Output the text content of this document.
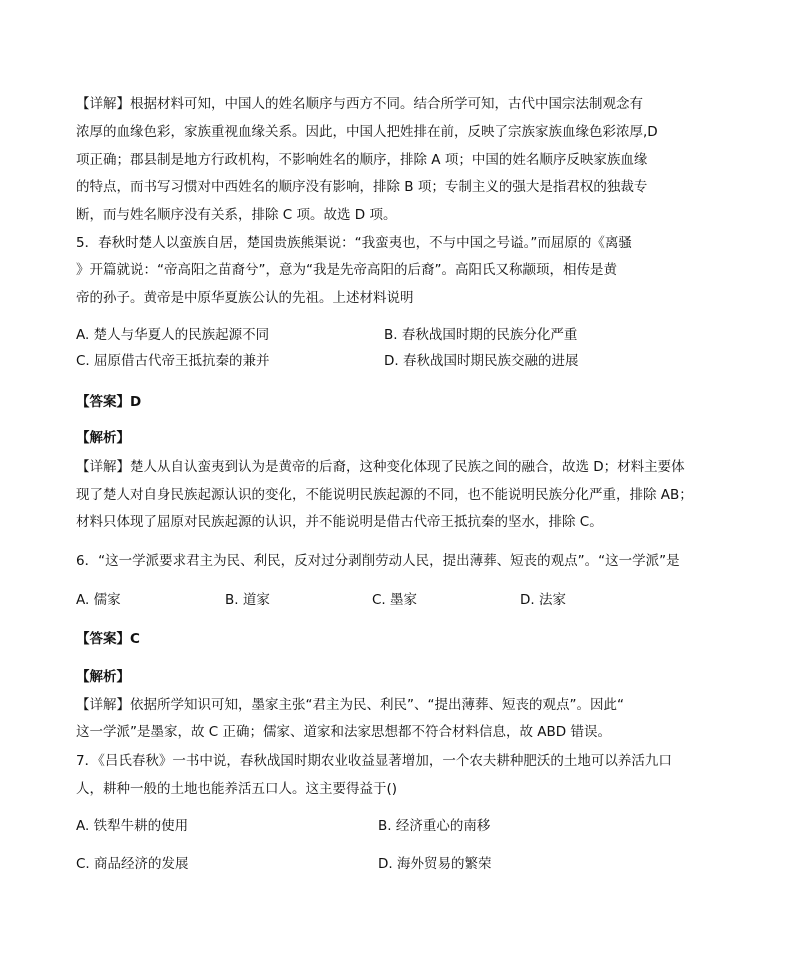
【详解】根据材料可知，中国人的姓名顺序与西方不同。结合所学可知，古代中国宗法制观念有
浓厚的血缘色彩，家族重视血缘关系。因此，中国人把姓排在前，反映了宗族家族血缘色彩浓厚,D
项正确；郡县制是地方行政机构，不影响姓名的顺序，排除 A 项；中国的姓名顺序反映家族血缘
的特点，而书写习惯对中西姓名的顺序没有影响，排除 B 项；专制主义的强大是指君权的独裁专
断，而与姓名顺序没有关系，排除 C 项。故选 D 项。
5．春秋时楚人以蛮族自居，楚国贵族熊渠说：“我蛮夷也，不与中国之号谥。”而屈原的《离骚
》开篇就说：“帝高阳之苗裔兮”，意为“我是先帝高阳的后裔”。高阳氏又称颛顼，相传是黄
帝的孙子。黄帝是中原华夏族公认的先祖。上述材料说明
A. 楚人与华夏人的民族起源不同	B. 春秋战国时期的民族分化严重
C. 屈原借古代帝王抵抗秦的兼并	D. 春秋战国时期民族交融的进展
【答案】D
【解析】
【详解】楚人从自认蛮夷到认为是黄帝的后裔，这种变化体现了民族之间的融合，故选 D；材料主要体
现了楚人对自身民族起源认识的变化，不能说明民族起源的不同，也不能说明民族分化严重，排除 AB；
材料只体现了屈原对民族起源的认识，并不能说明是借古代帝王抵抗秦的坚水，排除 C。
6．“这一学派要求君主为民、利民，反对过分剥削劳动人民，提出薄葬、短丧的观点”。“这一学派”是
A. 儒家	B. 道家	C. 墨家	D. 法家
【答案】C
【解析】
【详解】依据所学知识可知，墨家主张“君主为民、利民”、“提出薄葬、短丧的观点”。因此“
这一学派”是墨家，故 C 正确；儒家、道家和法家思想都不符合材料信息，故 ABD 错误。
7．《吕氏春秋》一书中说，春秋战国时期农业收益显著增加，一个农夫耕种肥沃的土地可以养活九口
人，耕种一般的土地也能养活五口人。这主要得益于()
A. 铁犁牛耕的使用	B. 经济重心的南移
C. 商品经济的发展	D. 海外贸易的繁荣
